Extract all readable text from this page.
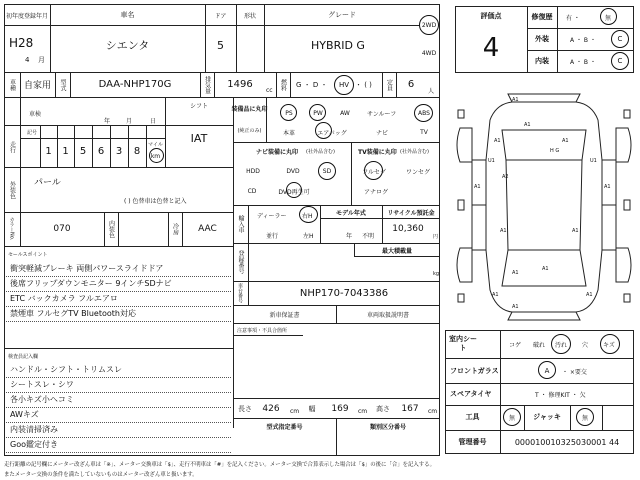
初年度登録年月
H28
4 月
車名
シエンタ
ドア
5
形状	グレード
HYBRID G
2WD
4WD
車種 自家用	型式	DAA-NHP170G	排気量	1496	cc	燃料	G ・ D ・	HV ・ ( )	定員	6
人
車検
年	月	日
シフト
IAT
走行
記号
1	1	5	6	3	8
マイル
km
外装色	パール
( ) 色替車は色替と記入
カラーNo.	070	内装色	冷房	AAC
セールスポイント
衝突軽減ブレーキ 両側パワースライドドア
後席フリップダウンモニター 9インチSDナビ
ETC バックカメラ フルエアロ
禁煙車 フルセグTV Bluetooth対応
検査員記入欄
ハンドル・シフト・トリムスレ
シートスレ・シワ
各小キズ小ヘコミ
AWキズ
内装清掃済み
Goo鑑定付き
装備品に丸印
(純正のみ)
PS	PW	AW	サンルーフ	ABS
本革	エアバッグ	ナビ	TV
ナビ装備に丸印 (社外品含む)
HDD	DVD	SD
CD	DVD再生可
TV装備に丸印 (社外品含む)
フルセグ	ワンセグ
アナログ
輸入車	ディーラー	右H
並行	左H
モデル年式
年 不明
リサイクル預託金
10,360
円
登録番号	最大積載量
kg
車台番号	NHP170-7043386
新車保証書	車両取扱説明書
注意事項・不具合箇所
長さ	426	cm	幅	169	cm 高さ	167	cm
型式指定番号	類別区分番号
評価点
4
修復歴	有 ・	無
外装	A ・ B ・	C
内装	A ・ B ・	C
A1
A1
A1	A1
U1	U1
H G
A2
A1	A1
A1	A1
A1
A1
A1
A1	A1
室内シート	コゲ	破れ	汚れ	穴	キズ
フロントガラス	A	・ ×要交
スペアタイヤ	T ・ 修理KIT ・ 欠
工具	無	ジャッキ	無
管理番号	000010010325030001 44
走行距離の記号欄にメーター改ざん車は「※」、メーター交換車は「$」、走行不明車は「#」を記入ください。メーター交換で合算表示した場合は「$」の後に「合」を記入する。
またメーター交換の条件を満たしていないものはメーター改ざん車と扱います。
